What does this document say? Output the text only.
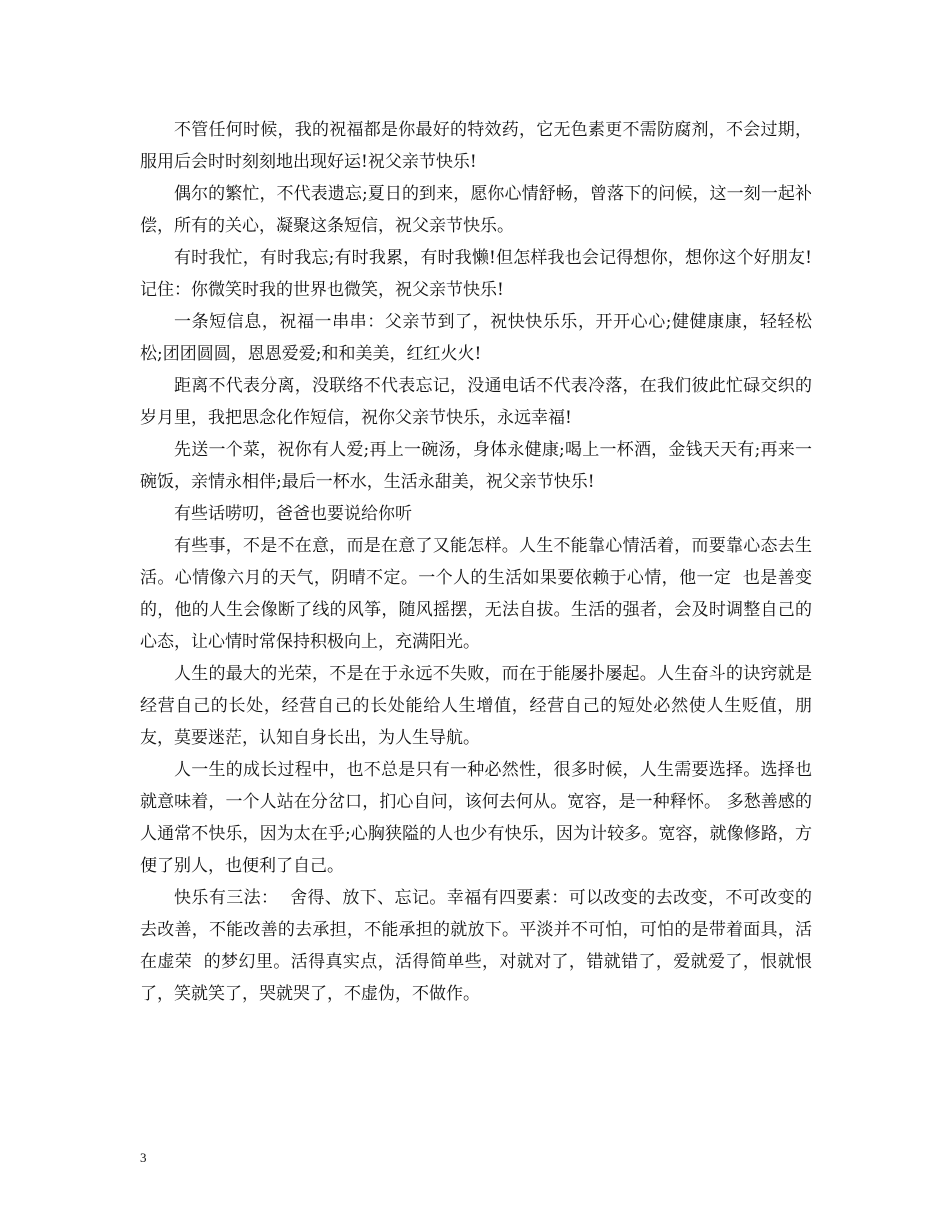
不管任何时候，我的祝福都是你最好的特效药，它无色素更不需防腐剂，不会过期，服用后会时时刻刻地出现好运!祝父亲节快乐!

偶尔的繁忙，不代表遗忘;夏日的到来，愿你心情舒畅，曾落下的问候，这一刻一起补偿，所有的关心，凝聚这条短信，祝父亲节快乐。

有时我忙，有时我忘;有时我累，有时我懒!但怎样我也会记得想你，想你这个好朋友!记住：你微笑时我的世界也微笑，祝父亲节快乐!

一条短信息，祝福一串串：父亲节到了，祝快快乐乐，开开心心;健健康康，轻轻松松;团团圆圆，恩恩爱爱;和和美美，红红火火!

距离不代表分离，没联络不代表忘记，没通电话不代表冷落，在我们彼此忙碌交织的岁月里，我把思念化作短信，祝你父亲节快乐，永远幸福!

先送一个菜，祝你有人爱;再上一碗汤，身体永健康;喝上一杯酒，金钱天天有;再来一碗饭，亲情永相伴;最后一杯水，生活永甜美，祝父亲节快乐!

有些话唠叨，爸爸也要说给你听

有些事，不是不在意，而是在意了又能怎样。人生不能靠心情活着，而要靠心态去生活。心情像六月的天气，阴晴不定。一个人的生活如果要依赖于心情，他一定  也是善变的，他的人生会像断了线的风筝，随风摇摆，无法自拔。生活的强者，会及时调整自己的心态，让心情时常保持积极向上，充满阳光。

人生的最大的光荣，不是在于永远不失败，而在于能屡扑屡起。人生奋斗的诀窍就是经营自己的长处，经营自己的长处能给人生增值，经营自己的短处必然使人生贬值，朋友，莫要迷茫，认知自身长出，为人生导航。

人一生的成长过程中，也不总是只有一种必然性，很多时候，人生需要选择。选择也就意味着，一个人站在分岔口，扪心自问，该何去何从。宽容，是一种释怀。 多愁善感的人通常不快乐，因为太在乎;心胸狭隘的人也少有快乐，因为计较多。宽容，就像修路，方便了别人，也便利了自己。

快乐有三法：  舍得、放下、忘记。幸福有四要素：可以改变的去改变，不可改变的去改善，不能改善的去承担，不能承担的就放下。平淡并不可怕，可怕的是带着面具，活在虚荣  的梦幻里。活得真实点，活得简单些，对就对了，错就错了，爱就爱了，恨就恨了，笑就笑了，哭就哭了，不虚伪，不做作。

3
